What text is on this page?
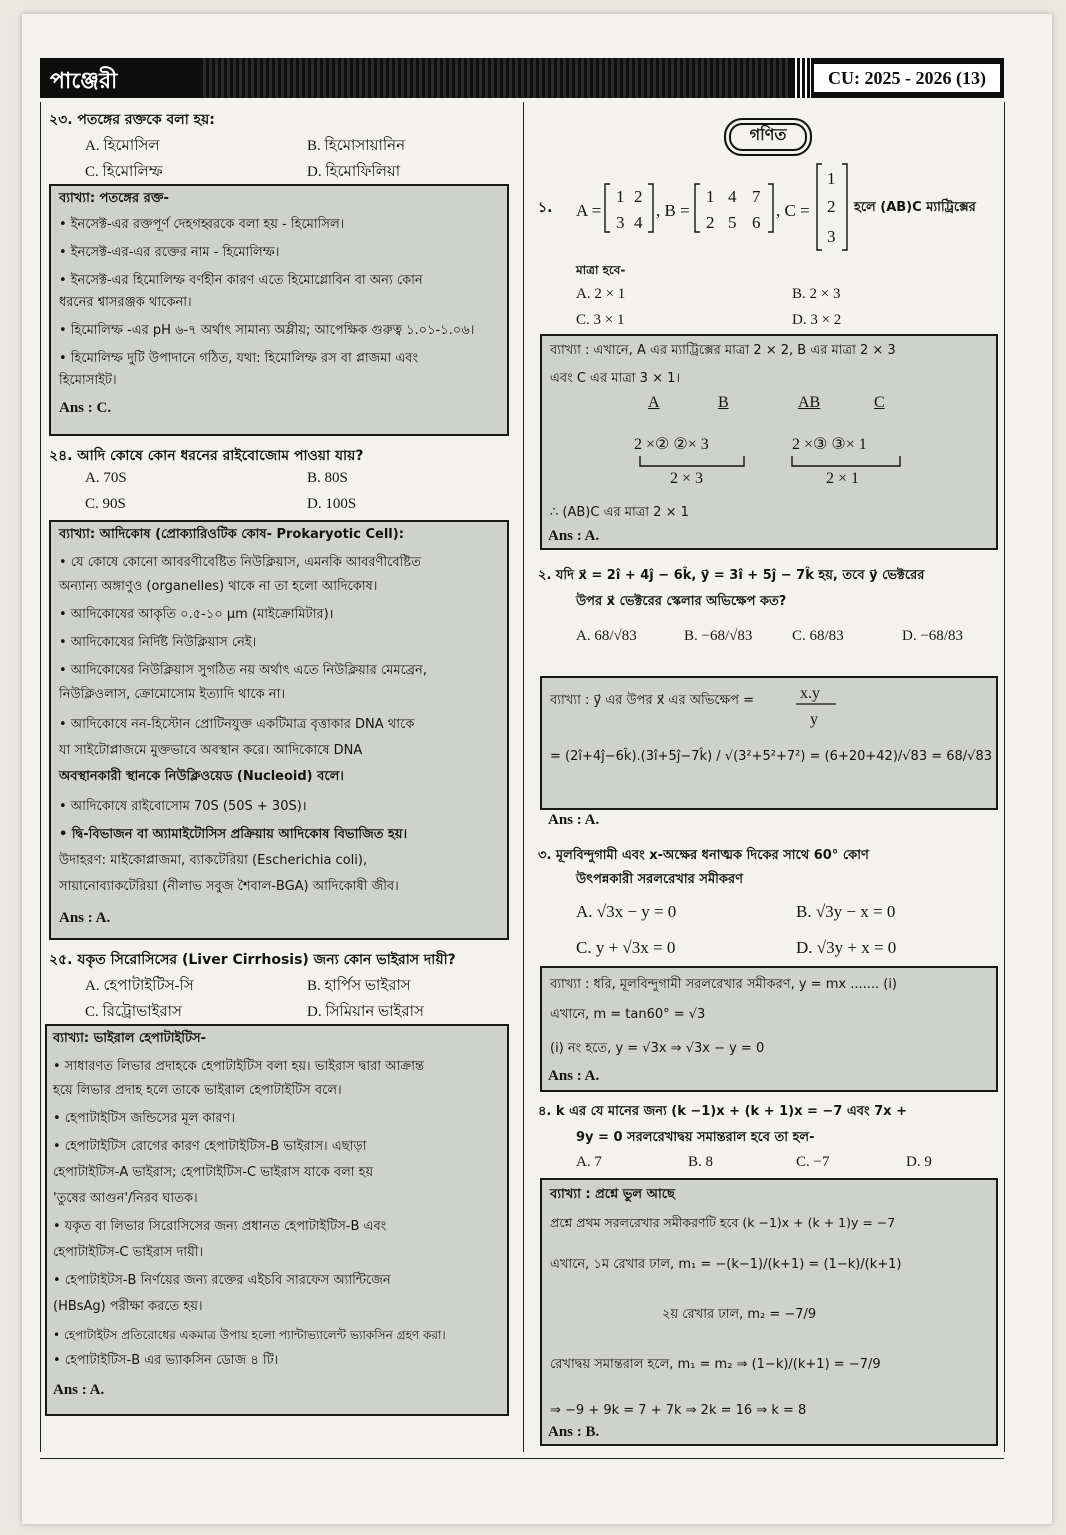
পাঞ্জেরী	CU: 2025 - 2026 (13)
২৩. পতঙ্গের রক্তকে বলা হয়:
A. হিমোসিল	B. হিমোসায়ানিন
C. হিমোলিম্ফ	D. হিমোফিলিয়া
ব্যাখ্যা: পতঙ্গের রক্ত-
• ইনসেক্ট-এর রক্তপূর্ণ দেহগহ্বরকে বলা হয় - হিমোসিল।
• ইনসেক্ট-এর-এর রক্তের নাম - হিমোলিম্ফ।
• ইনসেক্ট-এর হিমোলিম্ফ বর্ণহীন কারণ এতে হিমোগ্লোবিন বা অন্য কোন
ধরনের শ্বাসরঞ্জক থাকেনা।
• হিমোলিম্ফ -এর pH ৬-৭ অর্থাৎ সামান্য অম্লীয়; আপেক্ষিক গুরুত্ব ১.০১-১.০৬।
• হিমোলিম্ফ দুটি উপাদানে গঠিত, যথা: হিমোলিম্ফ রস বা প্লাজমা এবং
হিমোসাইট।
Ans : C.
২৪. আদি কোষে কোন ধরনের রাইবোজোম পাওয়া যায়?
A. 70S	B. 80S
C. 90S	D. 100S
ব্যাখ্যা: আদিকোষ (প্রোক্যারিওটিক কোষ- Prokaryotic Cell):
• যে কোষে কোনো আবরণীবেষ্টিত নিউক্লিয়াস, এমনকি আবরণীবেষ্টিত
অন্যান্য অঙ্গাণুও (organelles) থাকে না তা হলো আদিকোষ।
• আদিকোষের আকৃতি ০.৫-১০ µm (মাইক্রোমিটার)।
• আদিকোষের নির্দিষ্ট নিউক্লিয়াস নেই।
• আদিকোষের নিউক্লিয়াস সুগঠিত নয় অর্থাৎ এতে নিউক্লিয়ার মেমব্রেন,
নিউক্লিওলাস, ক্রোমোসোম ইত্যাদি থাকে না।
• আদিকোষে নন-হিস্টোন প্রোটিনযুক্ত একটিমাত্র বৃত্তাকার DNA থাকে
যা সাইটোপ্লাজমে মুক্তভাবে অবস্থান করে। আদিকোষে DNA
অবস্থানকারী স্থানকে নিউক্লিওয়েড (Nucleoid) বলে।
• আদিকোষে রাইবোসোম 70S (50S + 30S)।
• দ্বি-বিভাজন বা অ্যামাইটোসিস প্রক্রিয়ায় আদিকোষ বিভাজিত হয়।
উদাহরণ: মাইকোপ্লাজমা, ব্যাকটেরিয়া (Escherichia coli),
সায়ানোব্যাকটেরিয়া (নীলাভ সবুজ শৈবাল-BGA) আদিকোষী জীব।
Ans : A.
২৫. যকৃত সিরোসিসের (Liver Cirrhosis) জন্য কোন ভাইরাস দায়ী?
A. হেপাটাইটিস-সি	B. হার্পিস ভাইরাস
C. রিট্রোভাইরাস	D. সিমিয়ান ভাইরাস
ব্যাখ্যা: ভাইরাল হেপাটাইটিস-
• সাধারণত লিভার প্রদাহকে হেপাটাইটিস বলা হয়। ভাইরাস দ্বারা আক্রান্ত
হয়ে লিভার প্রদাহ হলে তাকে ভাইরাল হেপাটাইটিস বলে।
• হেপাটাইটিস জন্ডিসের মূল কারণ।
• হেপাটাইটিস রোগের কারণ হেপাটাইটিস-B ভাইরাস। এছাড়া
হেপাটাইটিস-A ভাইরাস; হেপাটাইটিস-C ভাইরাস যাকে বলা হয়
'তুষের আগুন'/নিরব ঘাতক।
• যকৃত বা লিভার সিরোসিসের জন্য প্রধানত হেপাটাইটিস-B এবং
হেপাটাইটিস-C ভাইরাস দায়ী।
• হেপাটাইটস-B নির্ণয়ের জন্য রক্তের এইচবি সারফেস অ্যান্টিজেন
(HBsAg) পরীক্ষা করতে হয়।
• হেপাটাইটস প্রতিরোধের একমাত্র উপায় হলো প্যান্টাভ্যালেন্ট ভ্যাকসিন গ্রহণ করা।
• হেপাটাইটিস-B এর ভ্যাকসিন ডোজ ৪ টি।
Ans : A.
গণিত
১. A =
1 2
3 4
, B =
1 4 7
2 5 6
, C =
1
2
3
হলে (AB)C ম্যাট্রিক্সের
মাত্রা হবে-
A. 2 × 1	B. 2 × 3
C. 3 × 1	D. 3 × 2
ব্যাখ্যা : এখানে, A এর ম্যাট্রিক্সের মাত্রা 2 × 2, B এর মাত্রা 2 × 3
এবং C এর মাত্রা 3 × 1।
A	B	AB	C
2 ×② ②× 3	2 ×③ ③× 1
2 × 3	2 × 1
∴ (AB)C এর মাত্রা 2 × 1
Ans : A.
২. যদি x⃗ = 2î + 4ĵ − 6k̂, y⃗ = 3î + 5ĵ − 7k̂ হয়, তবে y⃗ ভেক্টরের
উপর x⃗ ভেক্টরের স্কেলার অভিক্ষেপ কত?
A. 68/√83	B. −68/√83	C. 68/83	D. −68/83
ব্যাখ্যা : y⃗ এর উপর x⃗ এর অভিক্ষেপ =	x.y
y
= (2î+4ĵ−6k̂).(3î+5ĵ−7k̂) / √(3²+5²+7²) = (6+20+42)/√83 = 68/√83
Ans : A.
৩. মূলবিন্দুগামী এবং x-অক্ষের ধনাত্মক দিকের সাথে 60° কোণ
উৎপন্নকারী সরলরেখার সমীকরণ
A. √3x − y = 0	B. √3y − x = 0
C. y + √3x = 0	D. √3y + x = 0
ব্যাখ্যা : ধরি, মূলবিন্দুগামী সরলরেখার সমীকরণ, y = mx ....... (i)
এখানে, m = tan60° = √3
(i) নং হতে, y = √3x ⇒ √3x − y = 0
Ans : A.
৪. k এর যে মানের জন্য (k −1)x + (k + 1)x = −7 এবং 7x +
9y = 0 সরলরেখাদ্বয় সমান্তরাল হবে তা হল-
A. 7	B. 8	C. −7	D. 9
ব্যাখ্যা : প্রশ্নে ভুল আছে
প্রশ্নে প্রথম সরলরেখার সমীকরণটি হবে (k −1)x + (k + 1)y = −7
এখানে, ১ম রেখার ঢাল, m₁ = −(k−1)/(k+1) = (1−k)/(k+1)
২য় রেখার ঢাল, m₂ = −7/9
রেখাদ্বয় সমান্তরাল হলে, m₁ = m₂ ⇒ (1−k)/(k+1) = −7/9
⇒ −9 + 9k = 7 + 7k ⇒ 2k = 16 ⇒ k = 8
Ans : B.
